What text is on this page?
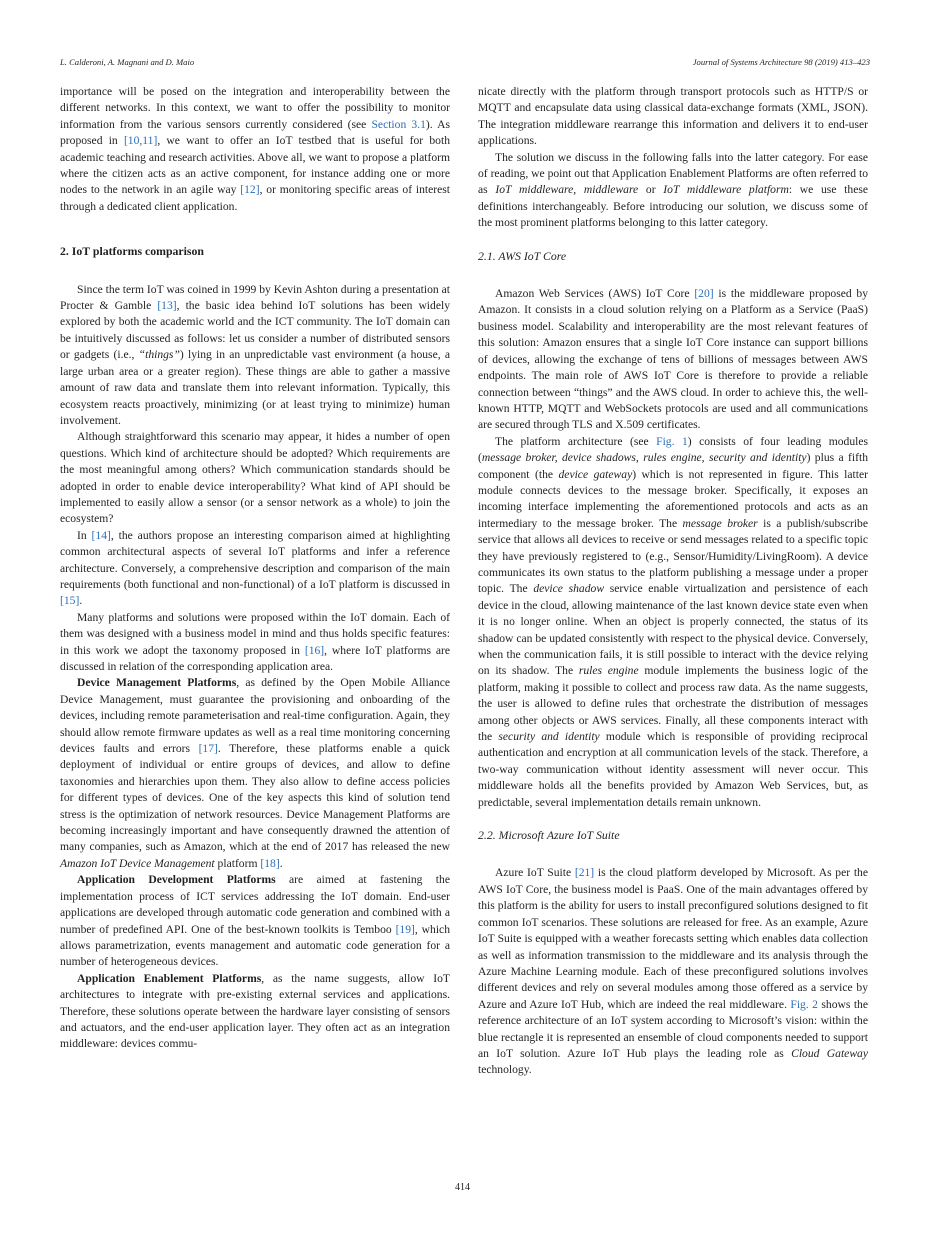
L. Calderoni, A. Magnani and D. Maio	Journal of Systems Architecture 98 (2019) 413–423

importance will be posed on the integration and interoperability between the different networks. In this context, we want to offer the possibility to monitor information from the various sensors currently considered (see Section 3.1). As proposed in [10,11], we want to offer an IoT testbed that is useful for both academic teaching and research activities. Above all, we want to propose a platform where the citizen acts as an active component, for instance adding one or more nodes to the network in an agile way [12], or monitoring specific areas of interest through a dedicated client application.

2. IoT platforms comparison

Since the term IoT was coined in 1999 by Kevin Ashton during a presentation at Procter & Gamble [13], the basic idea behind IoT solutions has been widely explored by both the academic world and the ICT community. The IoT domain can be intuitively discussed as follows: let us consider a number of distributed sensors or gadgets (i.e., “things”) lying in an unpredictable vast environment (a house, a large urban area or a greater region). These things are able to gather a massive amount of raw data and translate them into relevant information. Typically, this ecosystem reacts proactively, minimizing (or at least trying to minimize) human involvement.

Although straightforward this scenario may appear, it hides a number of open questions. Which kind of architecture should be adopted? Which requirements are the most meaningful among others? Which communication standards should be adopted in order to enable device interoperability? What kind of API should be implemented to easily allow a sensor (or a sensor network as a whole) to join the ecosystem?

In [14], the authors propose an interesting comparison aimed at highlighting common architectural aspects of several IoT platforms and infer a reference architecture. Conversely, a comprehensive description and comparison of the main requirements (both functional and non-functional) of a IoT platform is discussed in [15].

Many platforms and solutions were proposed within the IoT domain. Each of them was designed with a business model in mind and thus holds specific features: in this work we adopt the taxonomy proposed in [16], where IoT platforms are discussed in relation of the corresponding application area.

Device Management Platforms, as defined by the Open Mobile Alliance Device Management, must guarantee the provisioning and onboarding of the devices, including remote parameterisation and real-time configuration. Again, they should allow remote firmware updates as well as a real time monitoring concerning devices faults and errors [17]. Therefore, these platforms enable a quick deployment of individual or entire groups of devices, and allow to define taxonomies and hierarchies upon them. They also allow to define access policies for different types of devices. One of the key aspects this kind of solution tend stress is the optimization of network resources. Device Management Platforms are becoming increasingly important and have consequently drawned the attention of many companies, such as Amazon, which at the end of 2017 has released the new Amazon IoT Device Management platform [18].

Application Development Platforms are aimed at fastening the implementation process of ICT services addressing the IoT domain. End-user applications are developed through automatic code generation and combined with a number of predefined API. One of the best-known toolkits is Temboo [19], which allows parametrization, events management and automatic code generation for a number of heterogeneous devices.

Application Enablement Platforms, as the name suggests, allow IoT architectures to integrate with pre-existing external services and applications. Therefore, these solutions operate between the hardware layer consisting of sensors and actuators, and the end-user application layer. They often act as an integration middleware: devices commu-

nicate directly with the platform through transport protocols such as HTTP/S or MQTT and encapsulate data using classical data-exchange formats (XML, JSON). The integration middleware rearrange this information and delivers it to end-user applications.

The solution we discuss in the following falls into the latter category. For ease of reading, we point out that Application Enablement Platforms are often referred to as IoT middleware, middleware or IoT middleware platform: we use these definitions interchangeably. Before introducing our solution, we discuss some of the most prominent platforms belonging to this latter category.

2.1. AWS IoT Core

Amazon Web Services (AWS) IoT Core [20] is the middleware proposed by Amazon. It consists in a cloud solution relying on a Platform as a Service (PaaS) business model. Scalability and interoperability are the most relevant features of this solution: Amazon ensures that a single IoT Core instance can support billions of devices, allowing the exchange of tens of billions of messages between AWS endpoints. The main role of AWS IoT Core is therefore to provide a reliable connection between “things” and the AWS cloud. In order to achieve this, the well-known HTTP, MQTT and WebSockets protocols are used and all communications are secured through TLS and X.509 certificates.

The platform architecture (see Fig. 1) consists of four leading modules (message broker, device shadows, rules engine, security and identity) plus a fifth component (the device gateway) which is not represented in figure. This latter module connects devices to the message broker. Specifically, it exposes an incoming interface implementing the aforementioned protocols and acts as an intermediary to the message broker. The message broker is a publish/subscribe service that allows all devices to receive or send messages related to a specific topic they have previously registered to (e.g., Sensor/Humidity/LivingRoom). A device communicates its own status to the platform publishing a message under a proper topic. The device shadow service enable virtualization and persistence of each device in the cloud, allowing maintenance of the last known device state even when it is no longer online. When an object is properly connected, the status of its shadow can be updated consistently with respect to the physical device. Conversely, when the communication fails, it is still possible to interact with the device relying on its shadow. The rules engine module implements the business logic of the platform, making it possible to collect and process raw data. As the name suggests, the user is allowed to define rules that orchestrate the distribution of messages among other objects or AWS services. Finally, all these components interact with the security and identity module which is responsible of providing reciprocal authentication and encryption at all communication levels of the stack. Therefore, a two-way communication without identity assessment will never occur. This middleware holds all the benefits provided by Amazon Web Services, but, as predictable, several implementation details remain unknown.

2.2. Microsoft Azure IoT Suite

Azure IoT Suite [21] is the cloud platform developed by Microsoft. As per the AWS IoT Core, the business model is PaaS. One of the main advantages offered by this platform is the ability for users to install preconfigured solutions designed to fit common IoT scenarios. These solutions are released for free. As an example, Azure IoT Suite is equipped with a weather forecasts setting which enables data collection as well as information transmission to the middleware and its analysis through the Azure Machine Learning module. Each of these preconfigured solutions involves different devices and rely on several modules among those offered as a service by Azure and Azure IoT Hub, which are indeed the real middleware. Fig. 2 shows the reference architecture of an IoT system according to Microsoft’s vision: within the blue rectangle it is represented an ensemble of cloud components needed to support an IoT solution. Azure IoT Hub plays the leading role as Cloud Gateway technology.

414
